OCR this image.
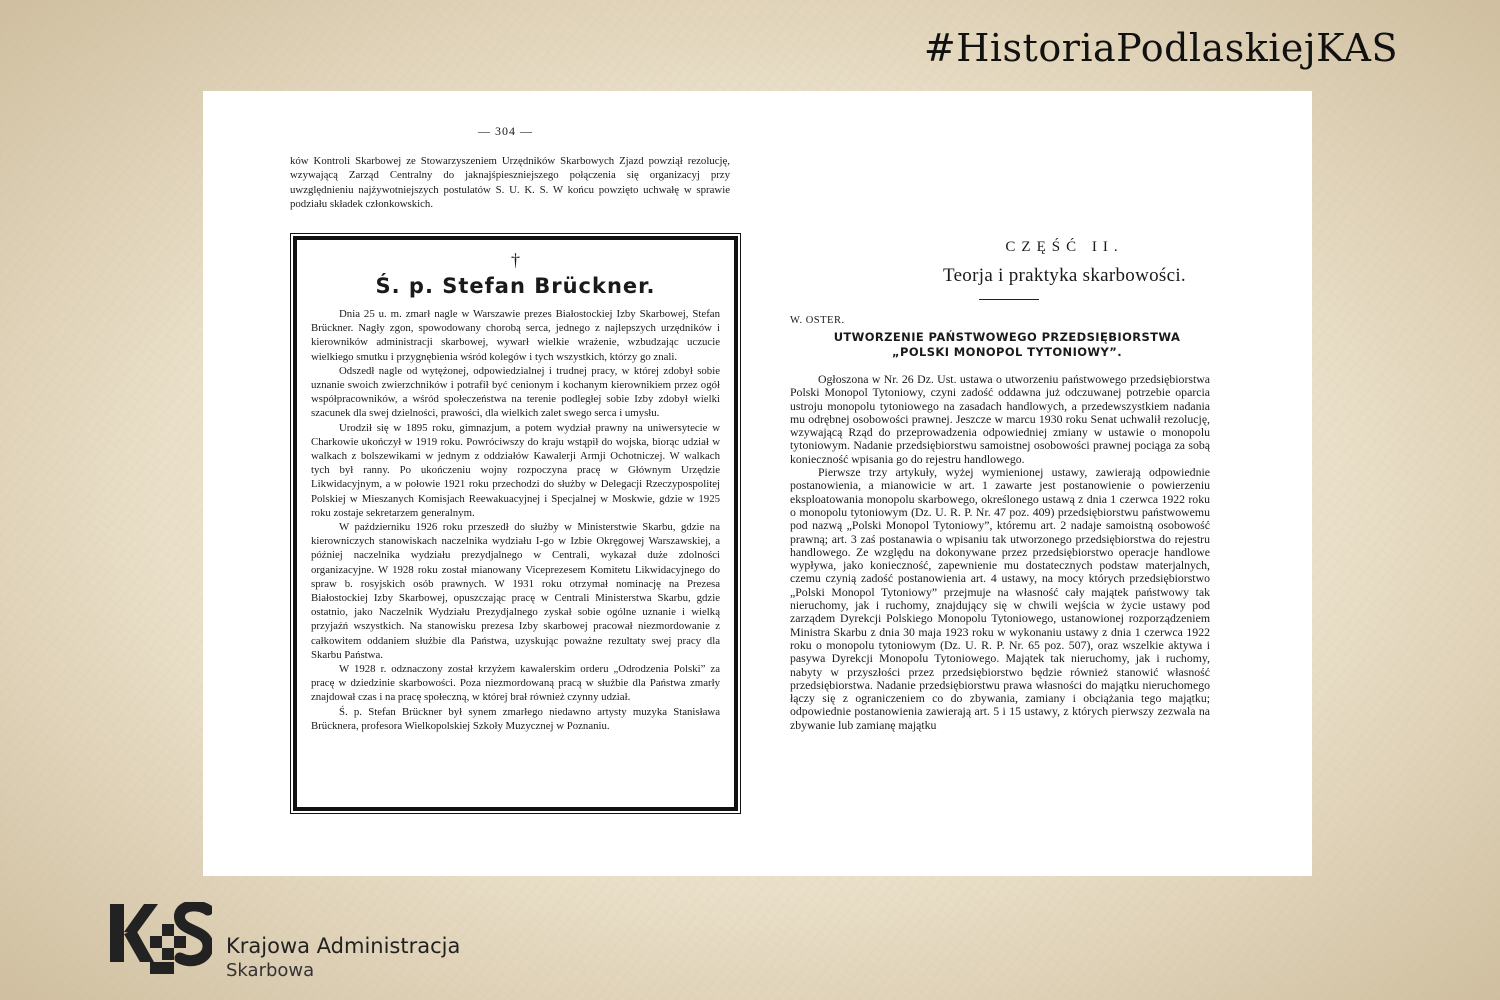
#HistoriaPodlaskiejKAS
— 304 —

ków Kontroli Skarbowej ze Stowarzyszeniem Urzędników Skarbowych Zjazd powziął rezolucję, wzywającą Zarząd Centralny do jaknajśpieszniejszego połączenia się organizacyj przy uwzględnieniu najżywotniejszych postulatów S. U. K. S. W końcu powzięto uchwałę w sprawie podziału składek członkowskich.

†
Ś. p. Stefan Brückner.

Dnia 25 u. m. zmarł nagle w Warszawie prezes Białostockiej Izby Skarbowej, Stefan Brückner. Nagły zgon, spowodowany chorobą serca, jednego z najlepszych urzędników i kierowników administracji skarbowej, wywarł wielkie wrażenie, wzbudzając uczucie wielkiego smutku i przygnębienia wśród kolegów i tych wszystkich, którzy go znali.

Odszedł nagle od wytężonej, odpowiedzialnej i trudnej pracy, w której zdobył sobie uznanie swoich zwierzchników i potrafił być cenionym i kochanym kierownikiem przez ogół współpracowników, a wśród społeczeństwa na terenie podległej sobie Izby zdobył wielki szacunek dla swej dzielności, prawości, dla wielkich zalet swego serca i umysłu.

Urodził się w 1895 roku, gimnazjum, a potem wydział prawny na uniwersytecie w Charkowie ukończył w 1919 roku. Powróciwszy do kraju wstąpił do wojska, biorąc udział w walkach z bolszewikami w jednym z oddziałów Kawalerji Armji Ochotniczej. W walkach tych był ranny. Po ukończeniu wojny rozpoczyna pracę w Głównym Urzędzie Likwidacyjnym, a w połowie 1921 roku przechodzi do służby w Delegacji Rzeczypospolitej Polskiej w Mieszanych Komisjach Reewakuacyjnej i Specjalnej w Moskwie, gdzie w 1925 roku zostaje sekretarzem generalnym.

W październiku 1926 roku przeszedł do służby w Ministerstwie Skarbu, gdzie na kierowniczych stanowiskach naczelnika wydziału I-go w Izbie Okręgowej Warszawskiej, a później naczelnika wydziału prezydjalnego w Centrali, wykazał duże zdolności organizacyjne. W 1928 roku został mianowany Viceprezesem Komitetu Likwidacyjnego do spraw b. rosyjskich osób prawnych. W 1931 roku otrzymał nominację na Prezesa Białostockiej Izby Skarbowej, opuszczając pracę w Centrali Ministerstwa Skarbu, gdzie ostatnio, jako Naczelnik Wydziału Prezydjalnego zyskał sobie ogólne uznanie i wielką przyjaźń wszystkich. Na stanowisku prezesa Izby skarbowej pracował niezmordowanie z całkowitem oddaniem służbie dla Państwa, uzyskując poważne rezultaty swej pracy dla Skarbu Państwa.

W 1928 r. odznaczony został krzyżem kawalerskim orderu „Odrodzenia Polski” za pracę w dziedzinie skarbowości. Poza niezmordowaną pracą w służbie dla Państwa zmarły znajdował czas i na pracę społeczną, w której brał również czynny udział.

Ś. p. Stefan Brückner był synem zmarłego niedawno artysty muzyka Stanisława Brücknera, profesora Wielkopolskiej Szkoły Muzycznej w Poznaniu.

CZĘŚĆ II.
Teorja i praktyka skarbowości.
W. OSTER.
UTWORZENIE PAŃSTWOWEGO PRZEDSIĘBIORSTWA
„POLSKI MONOPOL TYTONIOWY”.

Ogłoszona w Nr. 26 Dz. Ust. ustawa o utworzeniu państwowego przedsiębiorstwa Polski Monopol Tytoniowy, czyni zadość oddawna już odczuwanej potrzebie oparcia ustroju monopolu tytoniowego na zasadach handlowych, a przedewszystkiem nadania mu odrębnej osobowości prawnej. Jeszcze w marcu 1930 roku Senat uchwalił rezolucję, wzywającą Rząd do przeprowadzenia odpowiedniej zmiany w ustawie o monopolu tytoniowym. Nadanie przedsiębiorstwu samoistnej osobowości prawnej pociąga za sobą konieczność wpisania go do rejestru handlowego.

Pierwsze trzy artykuły, wyżej wymienionej ustawy, zawierają odpowiednie postanowienia, a mianowicie w art. 1 zawarte jest postanowienie o powierzeniu eksploatowania monopolu skarbowego, określonego ustawą z dnia 1 czerwca 1922 roku o monopolu tytoniowym (Dz. U. R. P. Nr. 47 poz. 409) przedsiębiorstwu państwowemu pod nazwą „Polski Monopol Tytoniowy”, któremu art. 2 nadaje samoistną osobowość prawną; art. 3 zaś postanawia o wpisaniu tak utworzonego przedsiębiorstwa do rejestru handlowego. Ze względu na dokonywane przez przedsiębiorstwo operacje handlowe wypływa, jako konieczność, zapewnienie mu dostatecznych podstaw materjalnych, czemu czynią zadość postanowienia art. 4 ustawy, na mocy których przedsiębiorstwo „Polski Monopol Tytoniowy” przejmuje na własność cały majątek państwowy tak nieruchomy, jak i ruchomy, znajdujący się w chwili wejścia w życie ustawy pod zarządem Dyrekcji Polskiego Monopolu Tytoniowego, ustanowionej rozporządzeniem Ministra Skarbu z dnia 30 maja 1923 roku w wykonaniu ustawy z dnia 1 czerwca 1922 roku o monopolu tytoniowym (Dz. U. R. P. Nr. 65 poz. 507), oraz wszelkie aktywa i pasywa Dyrekcji Monopolu Tytoniowego. Majątek tak nieruchomy, jak i ruchomy, nabyty w przyszłości przez przedsiębiorstwo będzie również stanowić własność przedsiębiorstwa. Nadanie przedsiębiorstwu prawa własności do majątku nieruchomego łączy się z ograniczeniem co do zbywania, zamiany i obciążania tego majątku; odpowiednie postanowienia zawierają art. 5 i 15 ustawy, z których pierwszy zezwala na zbywanie lub zamianę majątku

Krajowa Administracja
Skarbowa
